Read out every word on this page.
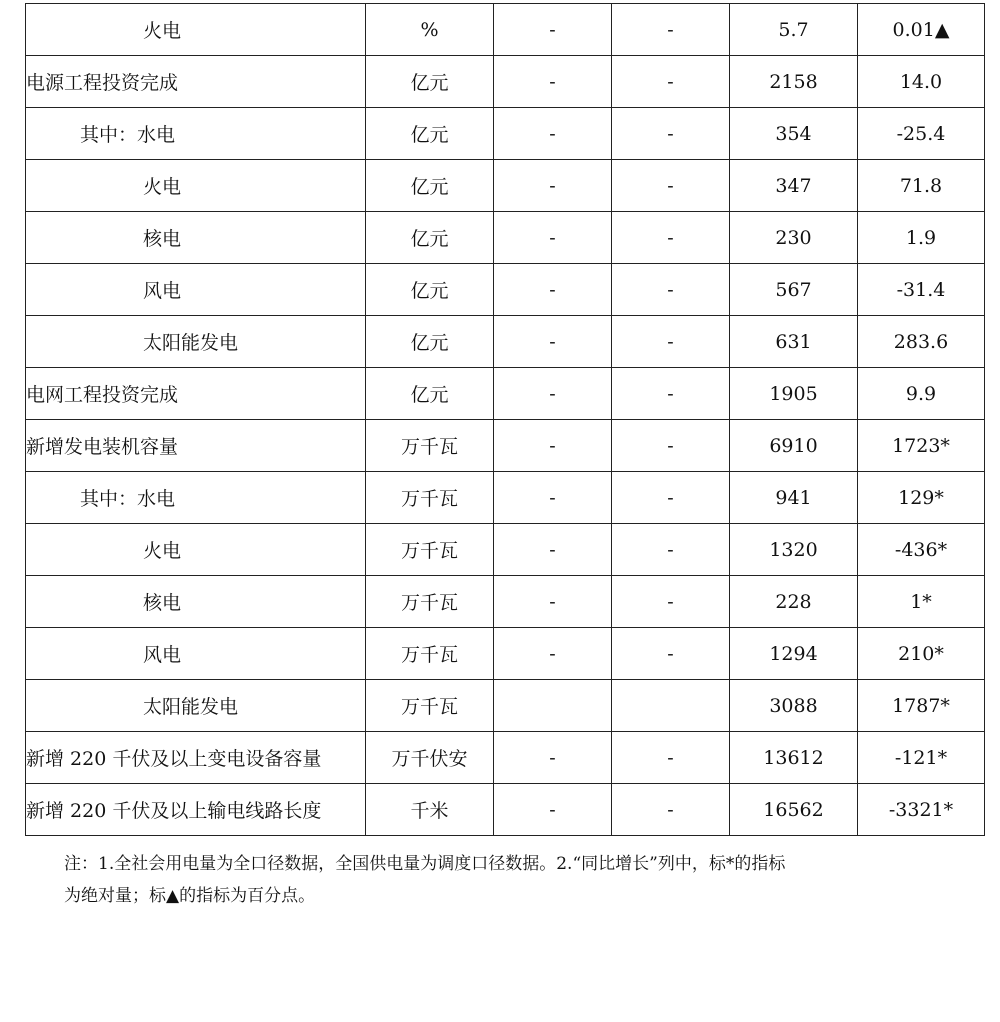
火电	%	-	-	5.7	0.01▲
电源工程投资完成	亿元	-	-	2158	14.0
其中：水电	亿元	-	-	354	-25.4
火电	亿元	-	-	347	71.8
核电	亿元	-	-	230	1.9
风电	亿元	-	-	567	-31.4
太阳能发电	亿元	-	-	631	283.6
电网工程投资完成	亿元	-	-	1905	9.9
新增发电装机容量	万千瓦	-	-	6910	1723*
其中：水电	万千瓦	-	-	941	129*
火电	万千瓦	-	-	1320	-436*
核电	万千瓦	-	-	228	1*
风电	万千瓦	-	-	1294	210*
太阳能发电	万千瓦			3088	1787*
新增 220 千伏及以上变电设备容量	万千伏安	-	-	13612	-121*
新增 220 千伏及以上输电线路长度	千米	-	-	16562	-3321*
注：1.全社会用电量为全口径数据，全国供电量为调度口径数据。2.“同比增长”列中，标*的指标
为绝对量；标▲的指标为百分点。
